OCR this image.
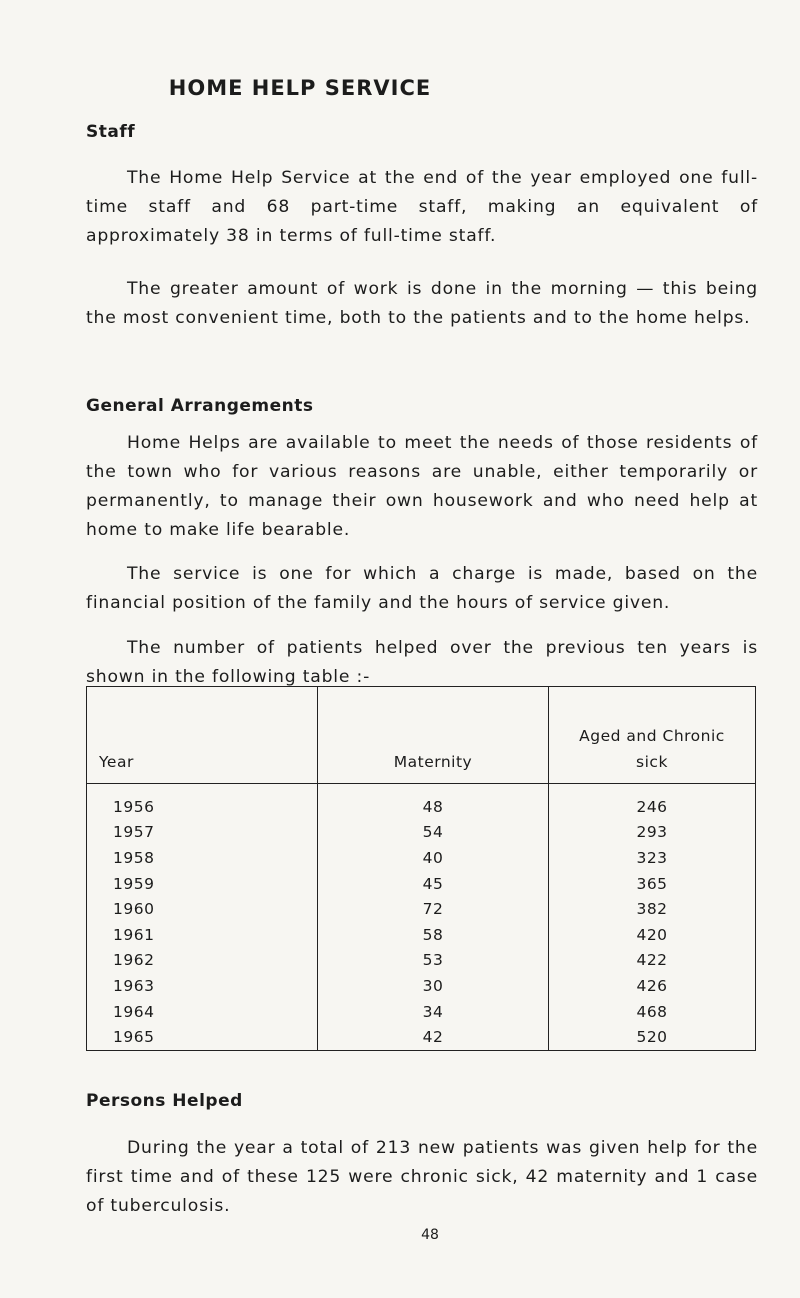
HOME HELP SERVICE
Staff

The Home Help Service at the end of the year employed one full-time staff and 68 part-time staff, making an equivalent of approximately 38 in terms of full-time staff.

The greater amount of work is done in the morning — this being the most convenient time, both to the patients and to the home helps.

General Arrangements

Home Helps are available to meet the needs of those residents of the town who for various reasons are unable, either temporarily or permanently, to manage their own housework and who need help at home to make life bearable.

The service is one for which a charge is made, based on the financial position of the family and the hours of service given.

The number of patients helped over the previous ten years is shown in the following table :-

Year	Maternity	Aged and Chronic
sick
1956	48	246
1957	54	293
1958	40	323
1959	45	365
1960	72	382
1961	58	420
1962	53	422
1963	30	426
1964	34	468
1965	42	520
Persons Helped

During the year a total of 213 new patients was given help for the first time and of these 125 were chronic sick, 42 maternity and 1 case of tuberculosis.

48
